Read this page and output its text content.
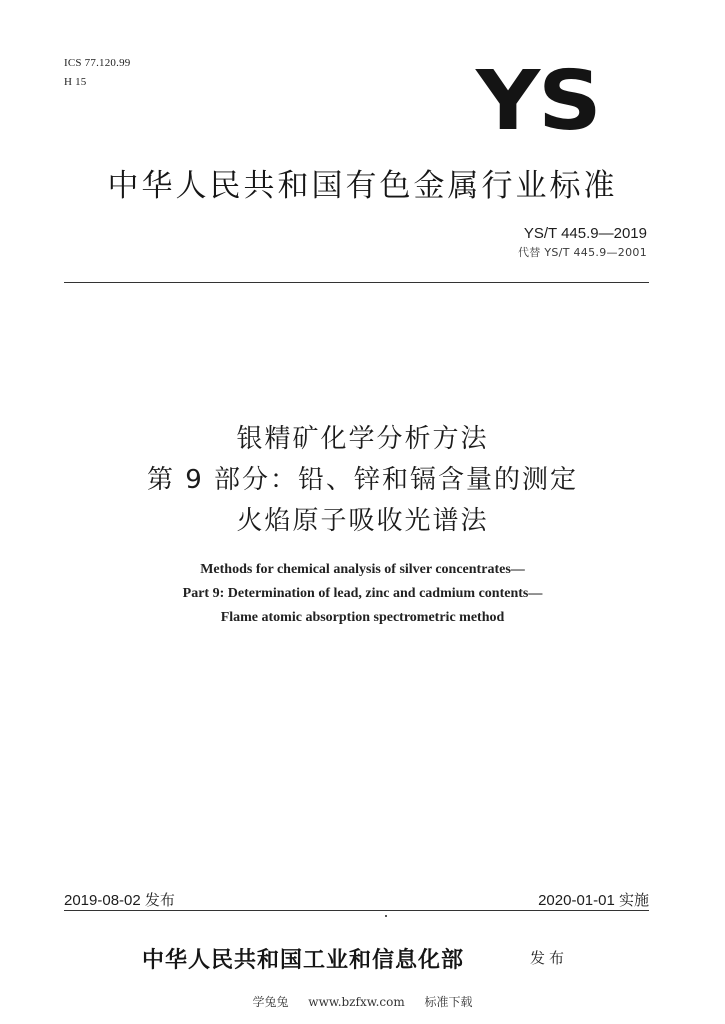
ICS 77.120.99
H 15	YS
中华人民共和国有色金属行业标准
YS/T 445.9—2019
代替 YS/T 445.9—2001
银精矿化学分析方法
第 9 部分：铅、锌和镉含量的测定
火焰原子吸收光谱法
Methods for chemical analysis of silver concentrates—
Part 9: Determination of lead, zinc and cadmium contents—
Flame atomic absorption spectrometric method
2019-08-02 发布	2020-01-01 实施
中华人民共和国工业和信息化部	发布
学兔兔 www.bzfxw.com 标准下载
